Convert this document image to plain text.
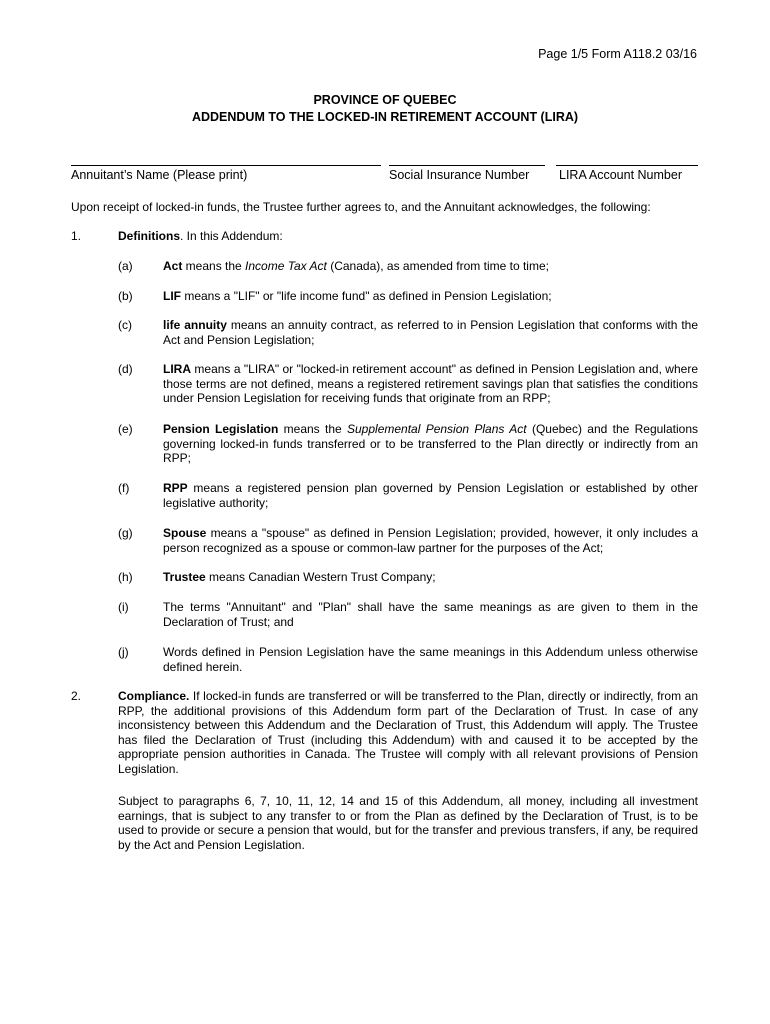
Page 1/5 Form A118.2 03/16
PROVINCE OF QUEBEC
ADDENDUM TO THE LOCKED-IN RETIREMENT ACCOUNT (LIRA)
Annuitant’s Name (Please print)	Social Insurance Number LIRA Account Number
Upon receipt of locked-in funds, the Trustee further agrees to, and the Annuitant acknowledges, the following:
1.	Definitions. In this Addendum:
(a)	Act means the Income Tax Act (Canada), as amended from time to time;
(b)	LIF means a "LIF" or "life income fund" as defined in Pension Legislation;
(c)	life annuity means an annuity contract, as referred to in Pension Legislation that conforms with the Act and Pension Legislation;
(d)	LIRA means a "LIRA" or "locked-in retirement account" as defined in Pension Legislation and, where those terms are not defined, means a registered retirement savings plan that satisfies the conditions under Pension Legislation for receiving funds that originate from an RPP;
(e)	Pension Legislation means the Supplemental Pension Plans Act (Quebec) and the Regulations governing locked-in funds transferred or to be transferred to the Plan directly or indirectly from an RPP;
(f)	RPP means a registered pension plan governed by Pension Legislation or established by other legislative authority;
(g)	Spouse means a "spouse" as defined in Pension Legislation; provided, however, it only includes a person recognized as a spouse or common-law partner for the purposes of the Act;
(h)	Trustee means Canadian Western Trust Company;
(i)	The terms "Annuitant" and "Plan" shall have the same meanings as are given to them in the Declaration of Trust; and
(j)	Words defined in Pension Legislation have the same meanings in this Addendum unless otherwise defined herein.
2.	Compliance. If locked-in funds are transferred or will be transferred to the Plan, directly or indirectly, from an RPP, the additional provisions of this Addendum form part of the Declaration of Trust. In case of any inconsistency between this Addendum and the Declaration of Trust, this Addendum will apply. The Trustee has filed the Declaration of Trust (including this Addendum) with and caused it to be accepted by the appropriate pension authorities in Canada. The Trustee will comply with all relevant provisions of Pension Legislation.
Subject to paragraphs 6, 7, 10, 11, 12, 14 and 15 of this Addendum, all money, including all investment earnings, that is subject to any transfer to or from the Plan as defined by the Declaration of Trust, is to be used to provide or secure a pension that would, but for the transfer and previous transfers, if any, be required by the Act and Pension Legislation.
